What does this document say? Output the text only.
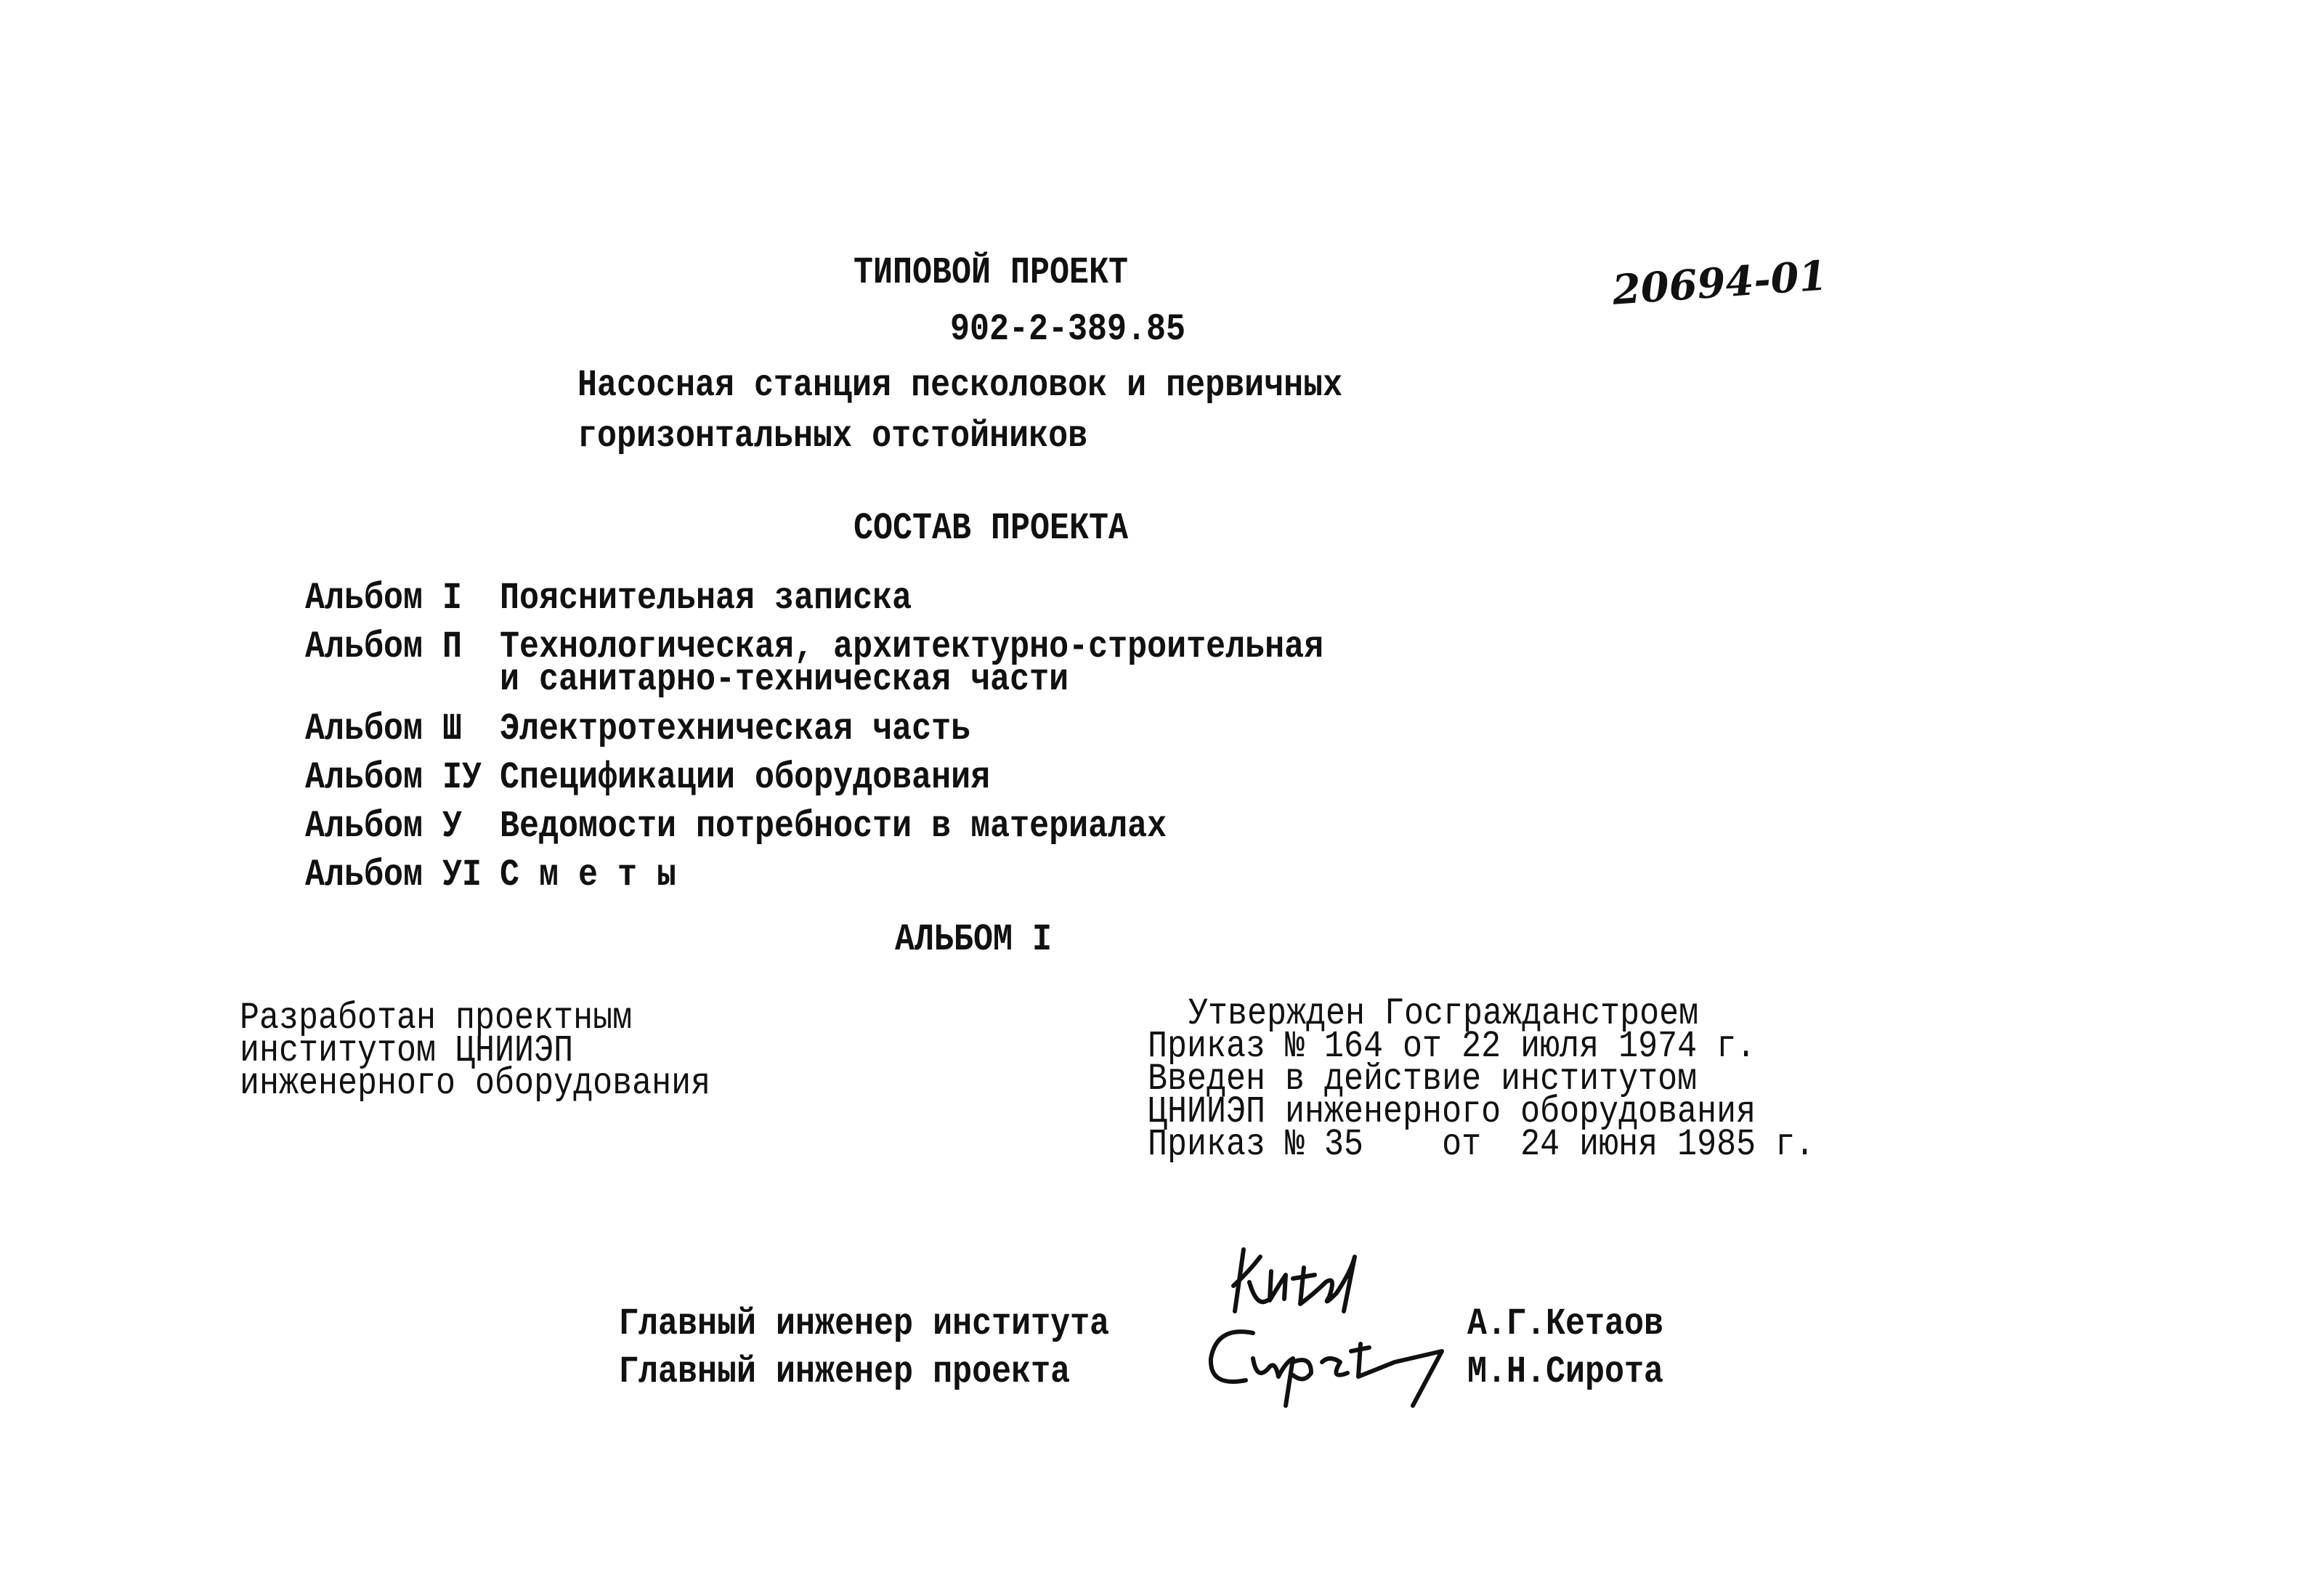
ТИПОВОЙ ПРОЕКТ
902-2-389.85
20694-01
Насосная станция песколовок и первичных
горизонтальных отстойников
СОСТАВ ПРОЕКТА
Альбом I Пояснительная записка
Альбом П Технологическая, архитектурно-строительная
и санитарно-техническая части
Альбом Ш Электротехническая часть
Альбом IУ Спецификации оборудования
Альбом У Ведомости потребности в материалах
Альбом УI С м е т ы
АЛЬБОМ I
Разработан проектным
институтом ЦНИИЭП
инженерного оборудования
Утвержден Госгражданстроем
Приказ № 164 от 22 июля 1974 г.
Введен в действие институтом
ЦНИИЭП инженерного оборудования
Приказ № 35    от  24 июня 1985 г.
Главный инженер института	А.Г.Кетаов
Главный инженер проекта	М.Н.Сирота
